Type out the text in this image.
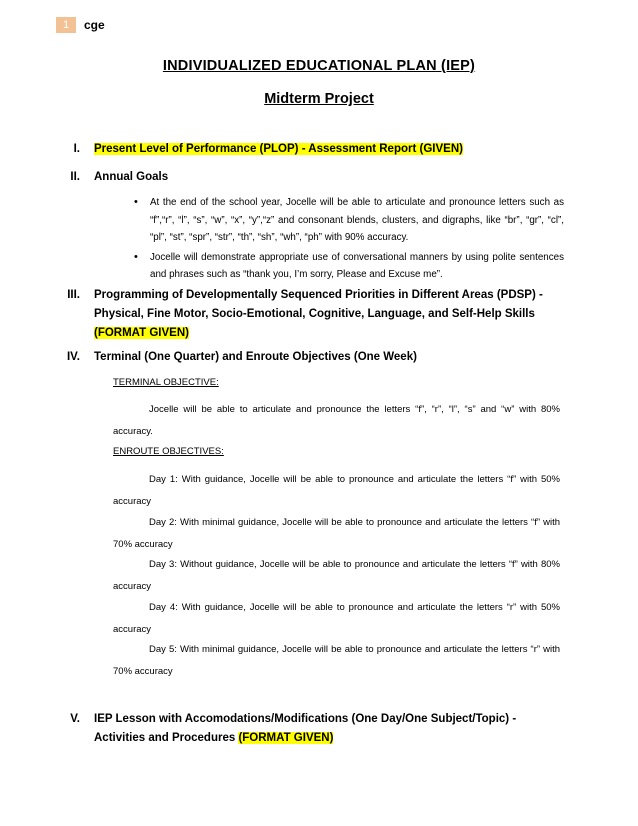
1	cge
INDIVIDUALIZED EDUCATIONAL PLAN (IEP)
Midterm Project
I. Present Level of Performance (PLOP) - Assessment Report (GIVEN)
II. Annual Goals
• At the end of the school year, Jocelle will be able to articulate and pronounce letters such as “f”,“r”, “l”, “s”, “w”, “x”, “y”,“z” and consonant blends, clusters, and digraphs, like “br”, “gr”, “cl”, “pl”, “st”, “spr”, “str”, “th”, “sh”, “wh”, “ph” with 90% accuracy.
• Jocelle will demonstrate appropriate use of conversational manners by using polite sentences and phrases such as “thank you, I’m sorry, Please and Excuse me”.
III. Programming of Developmentally Sequenced Priorities in Different Areas (PDSP) - Physical, Fine Motor, Socio-Emotional, Cognitive, Language, and Self-Help Skills (FORMAT GIVEN)
IV. Terminal (One Quarter) and Enroute Objectives (One Week)
TERMINAL OBJECTIVE:
Jocelle will be able to articulate and pronounce the letters “f”, “r”, “l”, “s” and “w” with 80% accuracy.
ENROUTE OBJECTIVES:
Day 1: With guidance, Jocelle will be able to pronounce and articulate the letters “f” with 50% accuracy
Day 2: With minimal guidance, Jocelle will be able to pronounce and articulate the letters “f” with 70% accuracy
Day 3: Without guidance, Jocelle will be able to pronounce and articulate the letters “f” with 80% accuracy
Day 4: With guidance, Jocelle will be able to pronounce and articulate the letters “r” with 50% accuracy
Day 5: With minimal guidance, Jocelle will be able to pronounce and articulate the letters “r” with 70% accuracy
V. IEP Lesson with Accomodations/Modifications (One Day/One Subject/Topic) - Activities and Procedures (FORMAT GIVEN)
